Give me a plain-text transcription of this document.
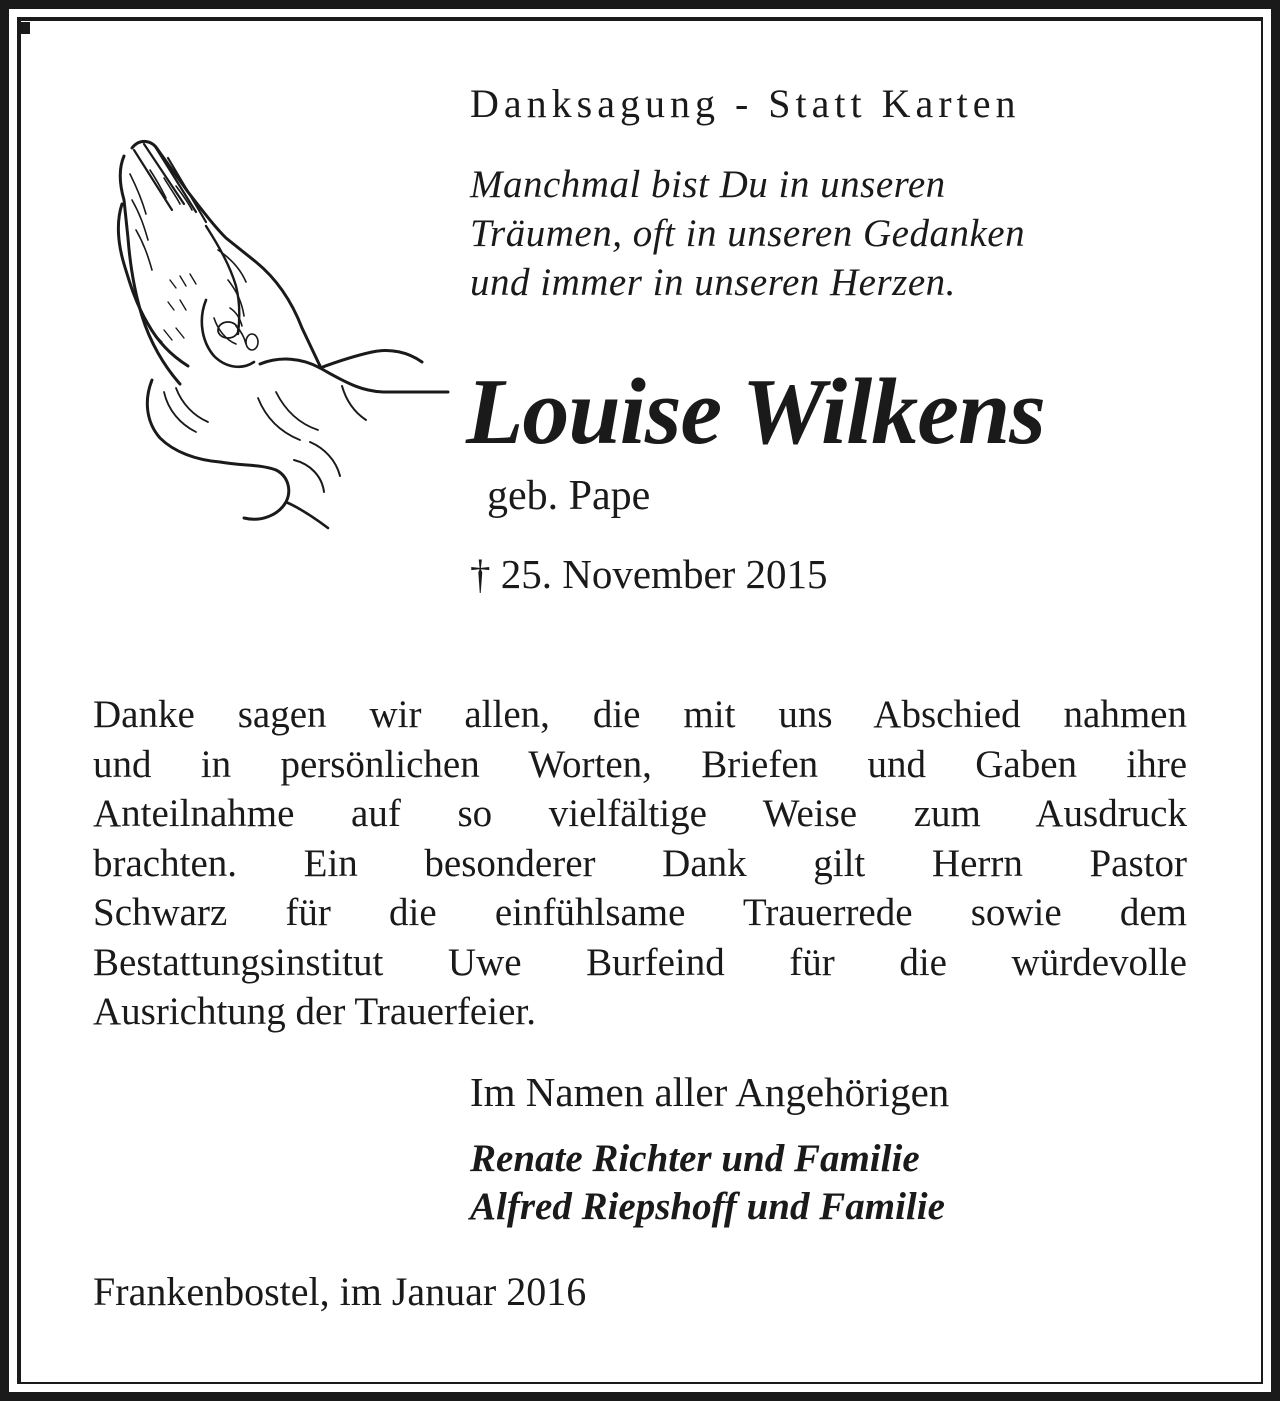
Danksagung - Statt Karten
Manchmal bist Du in unseren
Träumen, oft in unseren Gedanken
und immer in unseren Herzen.
Louise Wilkens
geb. Pape
† 25. November 2015
Danke sagen wir allen, die mit uns Abschied nahmen
und in persönlichen Worten, Briefen und Gaben ihre
Anteilnahme auf so vielfältige Weise zum Ausdruck
brachten. Ein besonderer Dank gilt Herrn Pastor
Schwarz für die einfühlsame Trauerrede sowie dem
Bestattungsinstitut Uwe Burfeind für die würdevolle
Ausrichtung der Trauerfeier.
Im Namen aller Angehörigen
Renate Richter und Familie
Alfred Riepshoff und Familie
Frankenbostel, im Januar 2016
